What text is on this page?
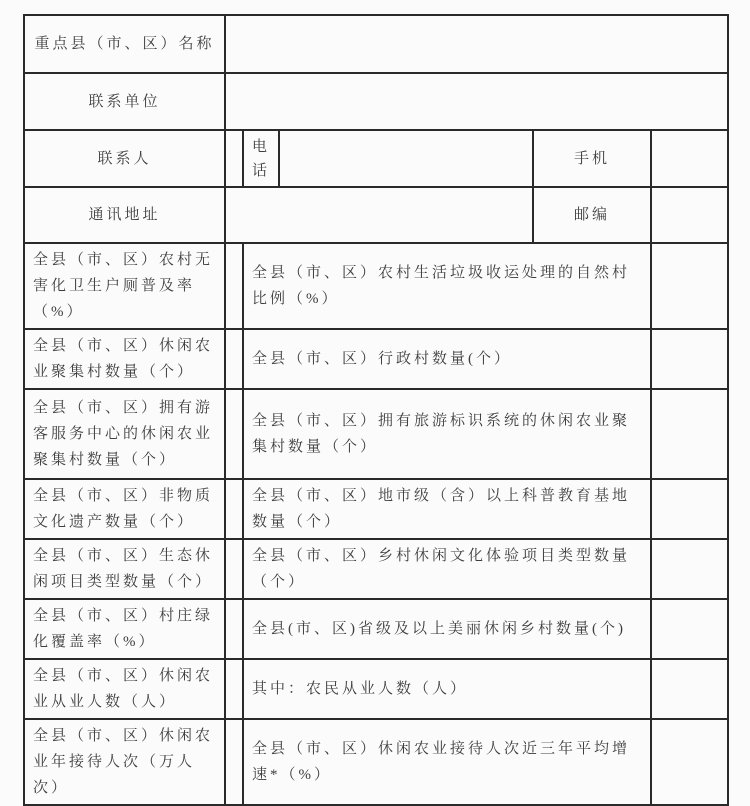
重点县（市、区）名称					
联系单位					
联系人		电话		手机	
通讯地址				邮编	
全县（市、区）农村无害化卫生户厕普及率（%）		全县（市、区）农村生活垃圾收运处理的自然村比例（%）			
全县（市、区）休闲农业聚集村数量（个）		全县（市、区）行政村数量(个）			
全县（市、区）拥有游客服务中心的休闲农业聚集村数量（个）		全县（市、区）拥有旅游标识系统的休闲农业聚集村数量（个）			
全县（市、区）非物质文化遗产数量（个）		全县（市、区）地市级（含）以上科普教育基地数量（个）			
全县（市、区）生态休闲项目类型数量（个）		全县（市、区）乡村休闲文化体验项目类型数量（个）			
全县（市、区）村庄绿化覆盖率（%）		全县(市、区)省级及以上美丽休闲乡村数量(个)			
全县（市、区）休闲农业从业人数（人）		其中：农民从业人数（人）			
全县（市、区）休闲农业年接待人次（万人次）		全县（市、区）休闲农业接待人次近三年平均增速*（%）			
